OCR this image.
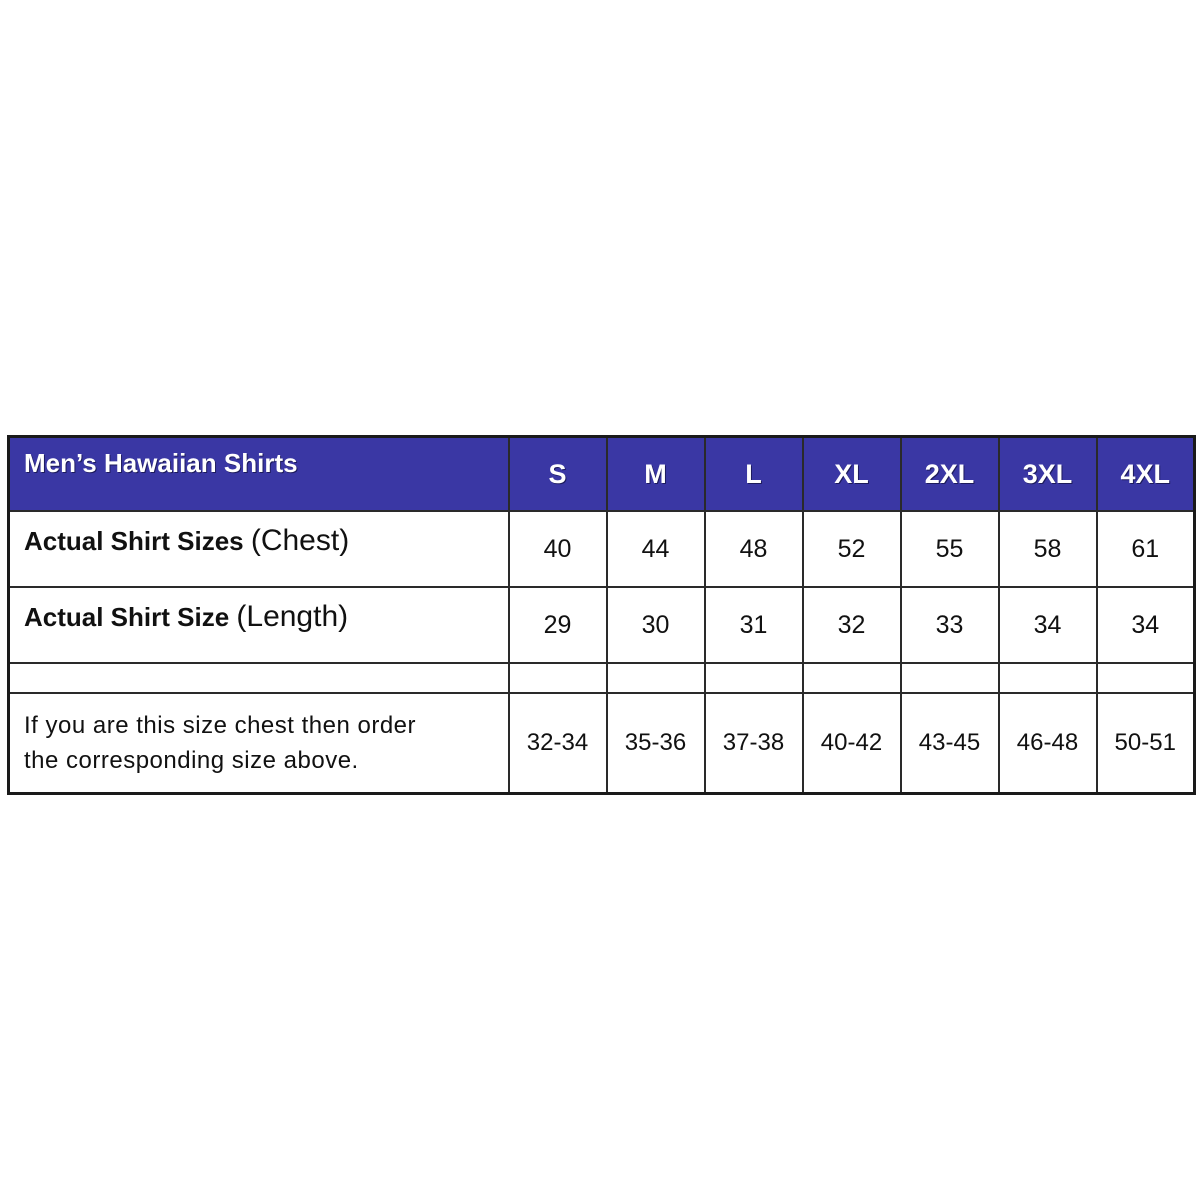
Men’s Hawaiian Shirts	S	M	L	XL	2XL	3XL	4XL
Actual Shirt Sizes (Chest)	40	44	48	52	55	58	61
Actual Shirt Size (Length)	29	30	31	32	33	34	34

If you are this size chest then order
the corresponding size above.	32-34	35-36	37-38	40-42	43-45	46-48	50-51
